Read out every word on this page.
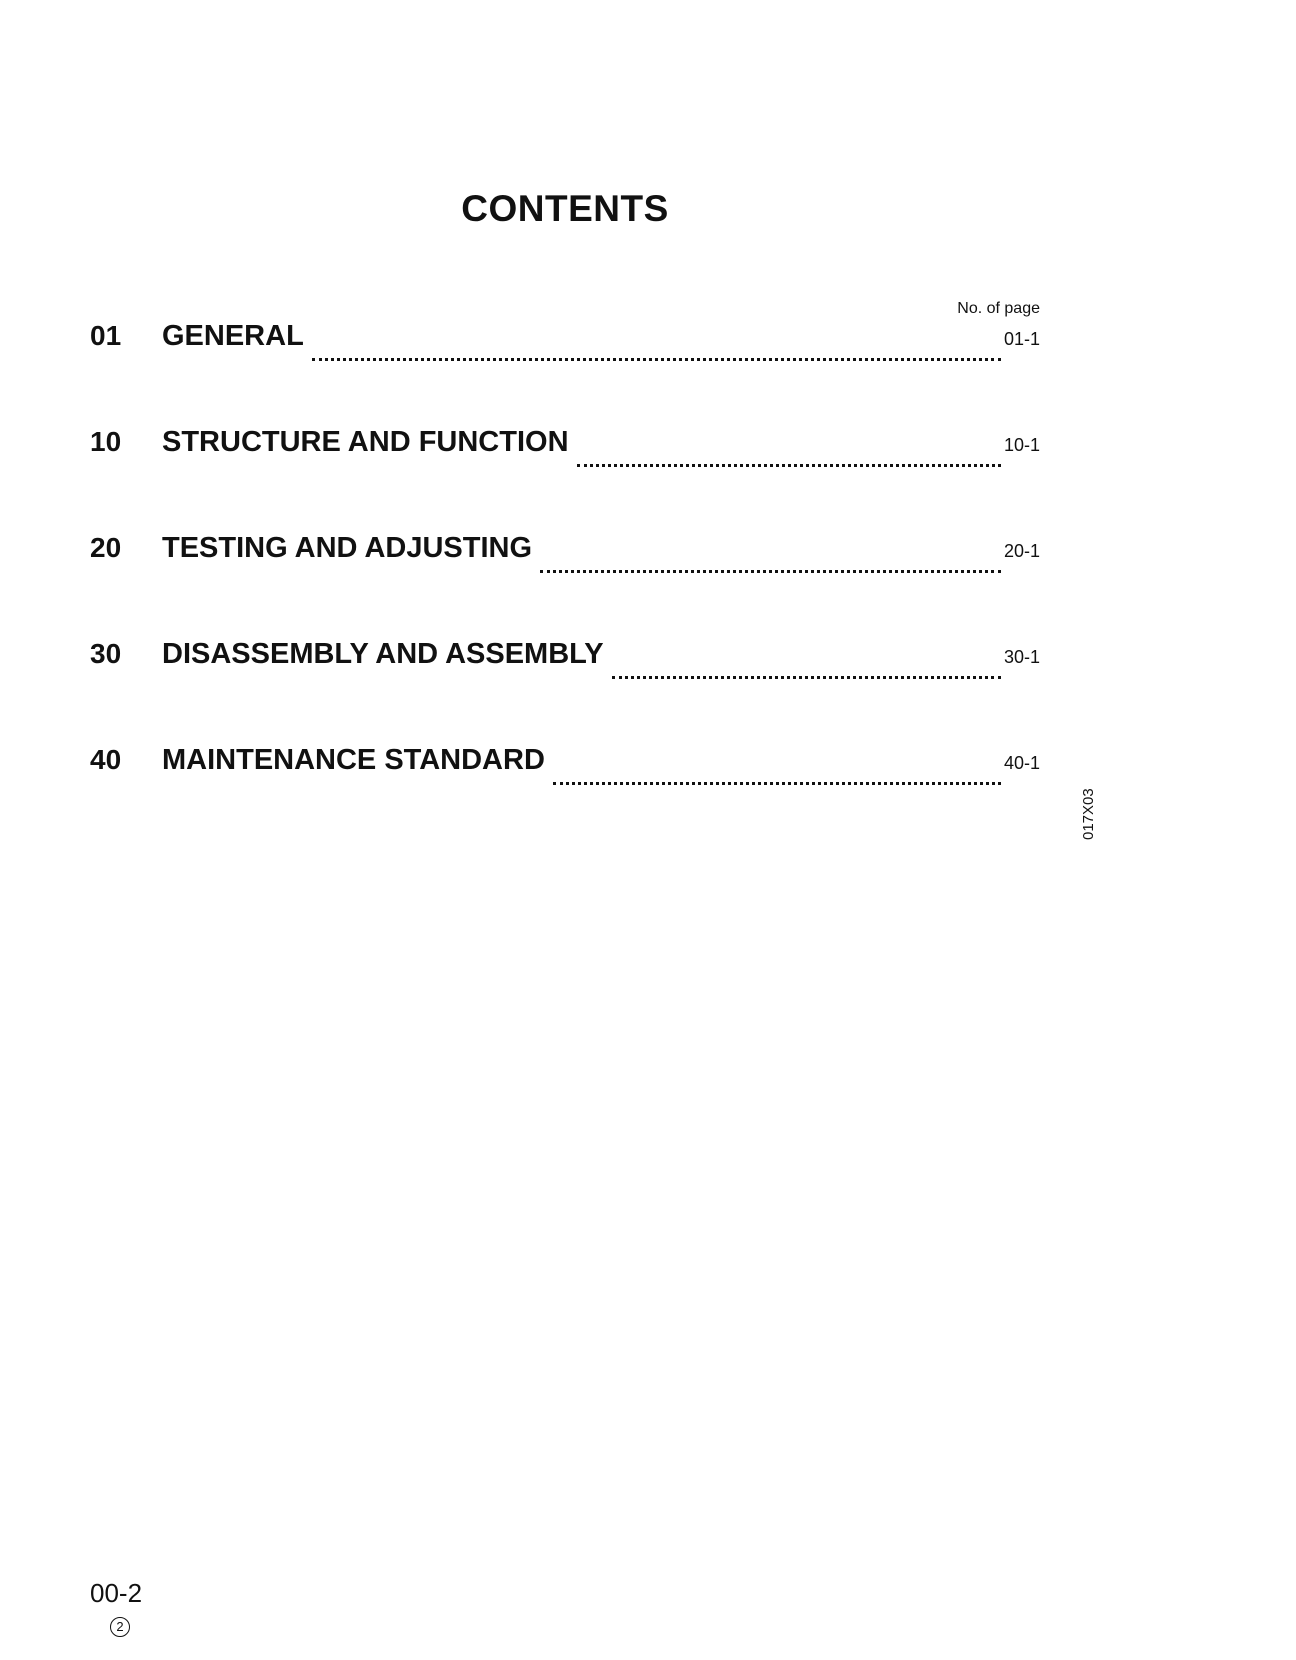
CONTENTS
No. of page
01	GENERAL	01-1
10	STRUCTURE AND FUNCTION	10-1
20	TESTING AND ADJUSTING	20-1
30	DISASSEMBLY AND ASSEMBLY	30-1
40	MAINTENANCE STANDARD	40-1
017X03
00-2
2
